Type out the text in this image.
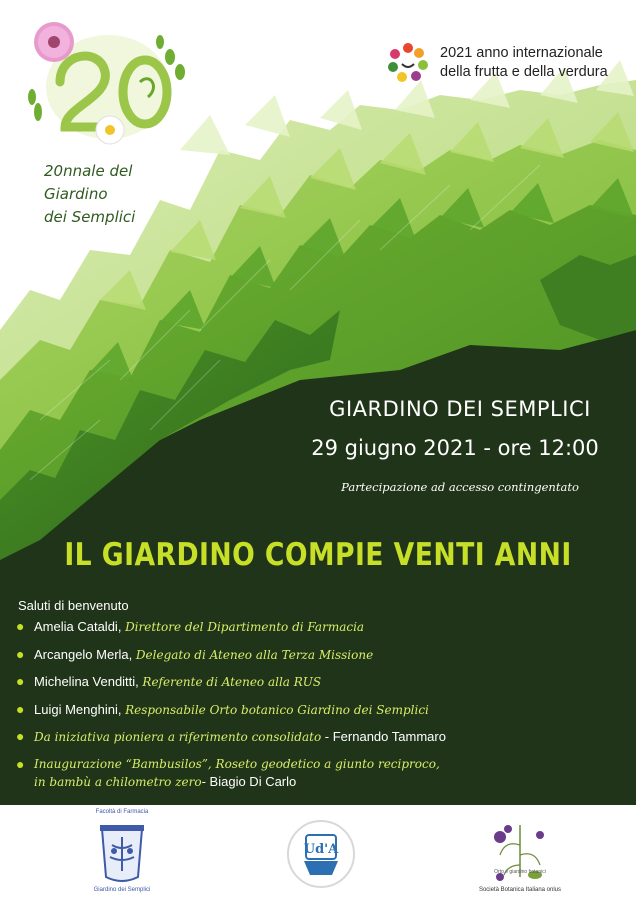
20nnale del
Giardino
dei Semplici
2021 anno internazionale
della frutta e della verdura
GIARDINO DEI SEMPLICI
29 giugno 2021 - ore 12:00
Partecipazione ad accesso contingentato
IL GIARDINO COMPIE VENTI ANNI
Saluti di benvenuto
● Amelia Cataldi, Direttore del Dipartimento di Farmacia
● Arcangelo Merla, Delegato di Ateneo alla Terza Missione
● Michelina Venditti, Referente di Ateneo alla RUS
● Luigi Menghini, Responsabile Orto botanico Giardino dei Semplici
● Da iniziativa pioniera a riferimento consolidato - Fernando Tammaro
● Inaugurazione “Bambusilos”, Roseto geodetico a giunto reciproco,
in bambù a chilometro zero- Biagio Di Carlo
Facoltà di Farmacia
Giardino dei Semplici
Ud'A
Orto e giardino botanici
Società Botanica Italiana onlus
